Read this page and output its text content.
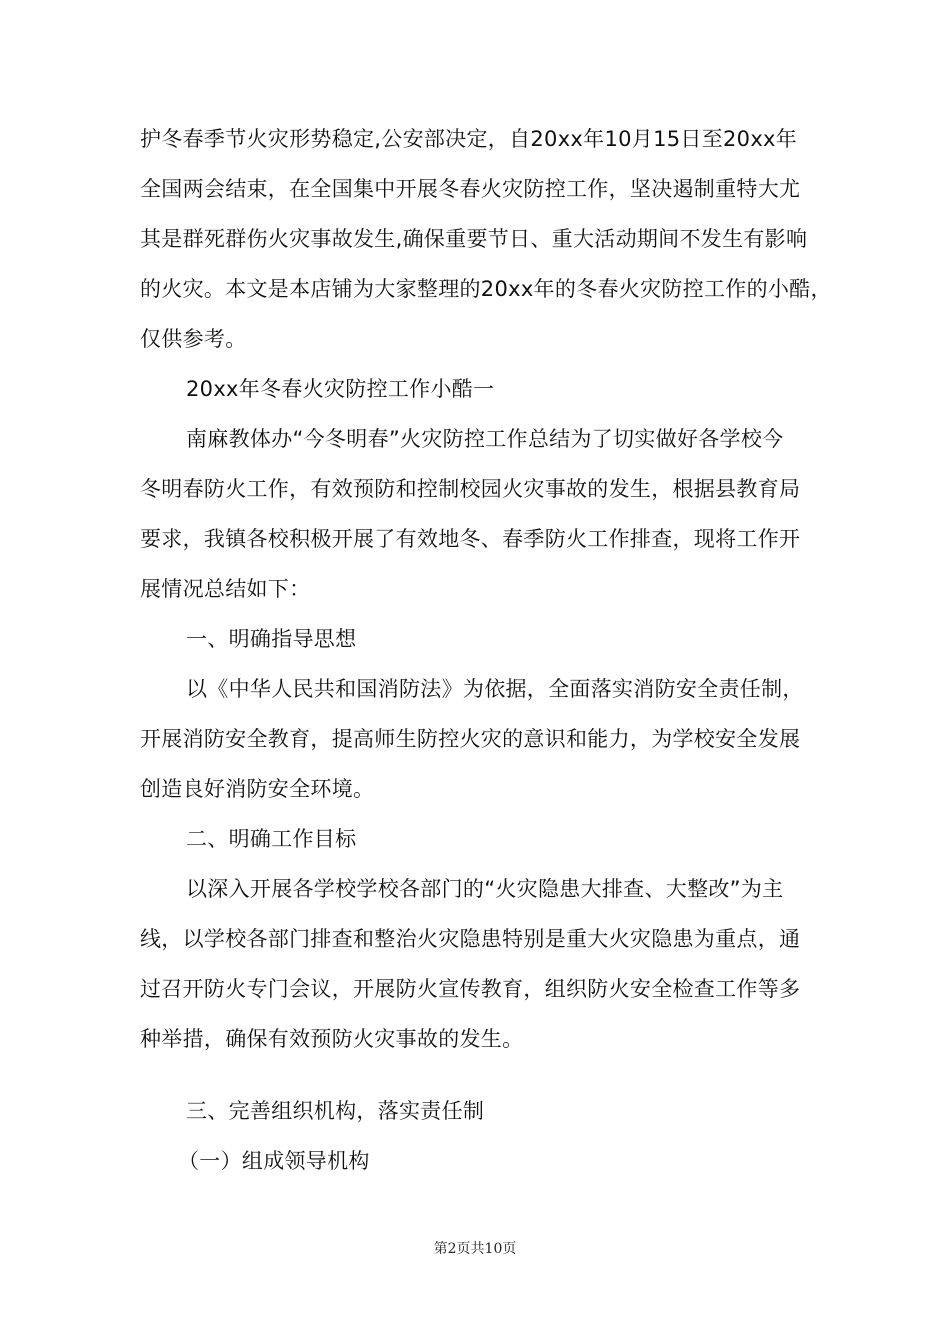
护冬春季节火灾形势稳定,公安部决定，自20xx年10月15日至20xx年
全国两会结束，在全国集中开展冬春火灾防控工作，坚决遏制重特大尤
其是群死群伤火灾事故发生,确保重要节日、重大活动期间不发生有影响
的火灾。本文是本店铺为大家整理的20xx年的冬春火灾防控工作的小酷，
仅供参考。
20xx年冬春火灾防控工作小酷一
南麻教体办“今冬明春”火灾防控工作总结为了切实做好各学校今
冬明春防火工作，有效预防和控制校园火灾事故的发生，根据县教育局
要求，我镇各校积极开展了有效地冬、春季防火工作排查，现将工作开
展情况总结如下：
一、明确指导思想
以《中华人民共和国消防法》为依据，全面落实消防安全责任制，
开展消防安全教育，提高师生防控火灾的意识和能力，为学校安全发展
创造良好消防安全环境。
二、明确工作目标
以深入开展各学校学校各部门的“火灾隐患大排查、大整改”为主
线，以学校各部门排查和整治火灾隐患特别是重大火灾隐患为重点，通
过召开防火专门会议，开展防火宣传教育，组织防火安全检查工作等多
种举措，确保有效预防火灾事故的发生。
三、完善组织机构，落实责任制
（一）组成领导机构
第2页共10页
